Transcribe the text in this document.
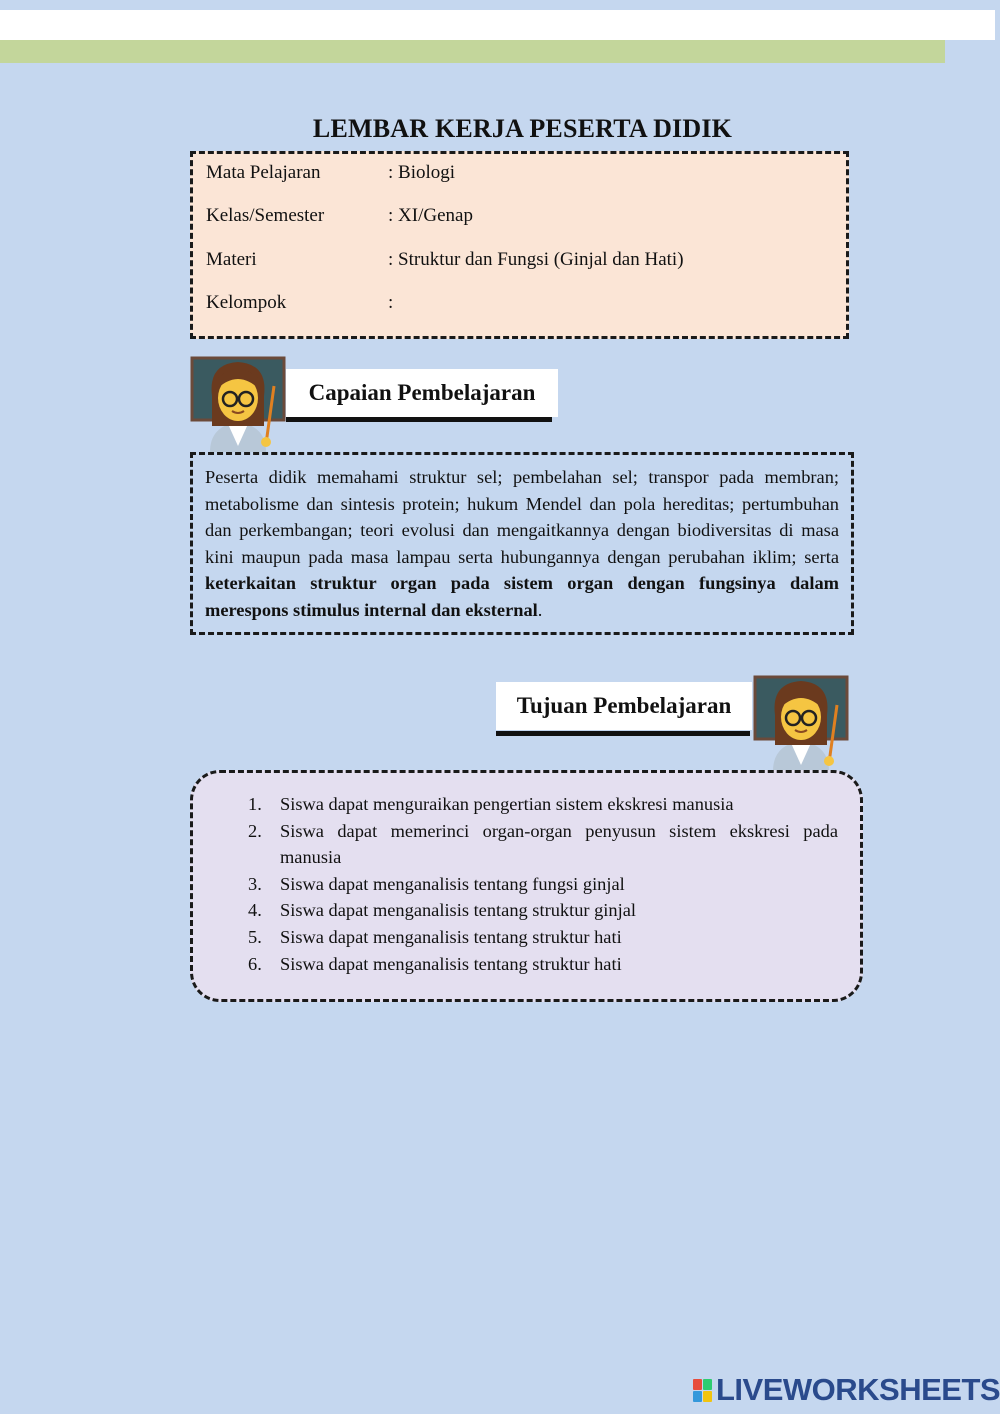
LEMBAR KERJA PESERTA DIDIK
Mata Pelajaran	: Biologi
Kelas/Semester	: XI/Genap
Materi	: Struktur dan Fungsi (Ginjal dan Hati)
Kelompok	:
Capaian Pembelajaran
Peserta didik memahami struktur sel; pembelahan sel; transpor pada membran; metabolisme dan sintesis protein; hukum Mendel dan pola hereditas; pertumbuhan dan perkembangan; teori evolusi dan mengaitkannya dengan biodiversitas di masa kini maupun pada masa lampau serta hubungannya dengan perubahan iklim; serta keterkaitan struktur organ pada sistem organ dengan fungsinya dalam merespons stimulus internal dan eksternal.
Tujuan Pembelajaran
1. Siswa dapat menguraikan pengertian sistem ekskresi manusia
2. Siswa dapat memerinci organ-organ penyusun sistem ekskresi pada manusia
3. Siswa dapat menganalisis tentang fungsi ginjal
4. Siswa dapat menganalisis tentang struktur ginjal
5. Siswa dapat menganalisis tentang struktur hati
6. Siswa dapat menganalisis tentang struktur hati
LIVEWORKSHEETS
